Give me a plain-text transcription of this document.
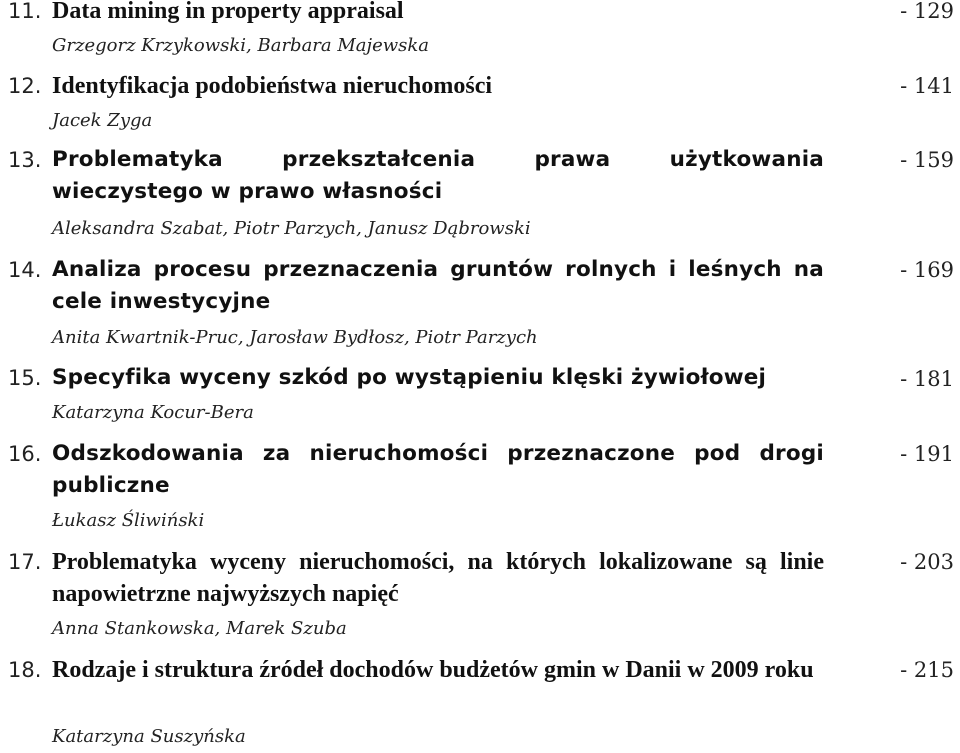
11. Data mining in property appraisal
Grzegorz Krzykowski, Barbara Majewska
- 129
12. Identyfikacja podobieństwa nieruchomości
Jacek Zyga
- 141
13. Problematyka przekształcenia prawa użytkowania wieczystego w prawo własności
Aleksandra Szabat, Piotr Parzych, Janusz Dąbrowski
- 159
14. Analiza procesu przeznaczenia gruntów rolnych i leśnych na cele inwestycyjne
Anita Kwartnik-Pruc, Jarosław Bydłosz, Piotr Parzych
- 169
15. Specyfika wyceny szkód po wystąpieniu klęski żywiołowej
Katarzyna Kocur-Bera
- 181
16. Odszkodowania za nieruchomości przeznaczone pod drogi publiczne
Łukasz Śliwiński
- 191
17. Problematyka wyceny nieruchomości, na których lokalizowane są linie napowietrzne najwyższych napięć
Anna Stankowska, Marek Szuba
- 203
18. Rodzaje i struktura źródeł dochodów budżetów gmin w Danii w 2009 roku
Katarzyna Suszyńska
- 215
